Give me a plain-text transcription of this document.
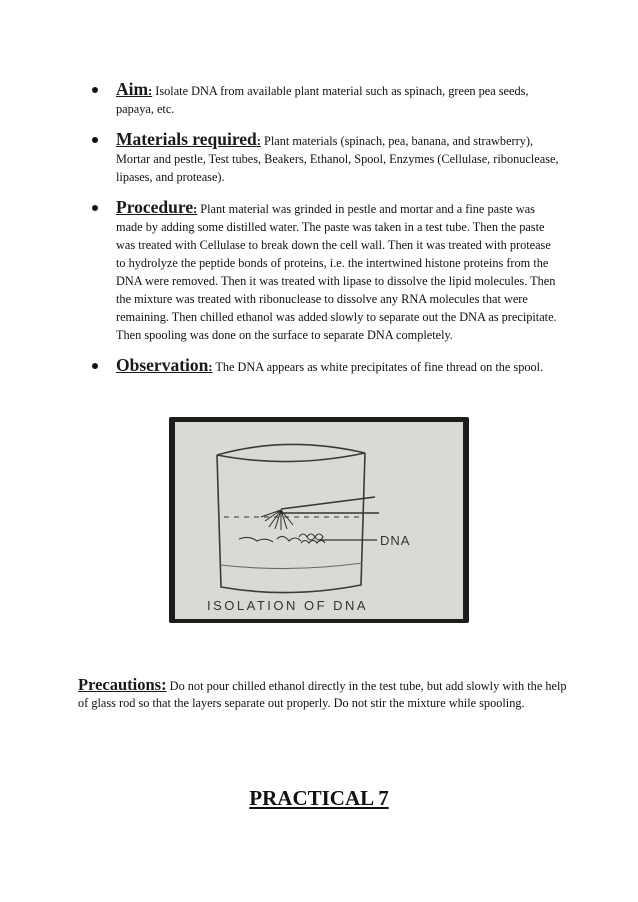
Aim: Isolate DNA from available plant material such as spinach, green pea seeds, papaya, etc.

Materials required: Plant materials (spinach, pea, banana, and strawberry), Mortar and pestle, Test tubes, Beakers, Ethanol, Spool, Enzymes (Cellulase, ribonuclease, lipases, and protease).

Procedure: Plant material was grinded in pestle and mortar and a fine paste was made by adding some distilled water. The paste was taken in a test tube. Then the paste was treated with Cellulase to break down the cell wall. Then it was treated with protease to hydrolyze the peptide bonds of proteins, i.e. the intertwined histone proteins from the DNA were removed. Then it was treated with lipase to dissolve the lipid molecules. Then the mixture was treated with ribonuclease to dissolve any RNA molecules that were remaining. Then chilled ethanol was added slowly to separate out the DNA as precipitate. Then spooling was done on the surface to separate DNA completely.

Observation: The DNA appears as white precipitates of fine thread on the spool.

DNA
ISOLATION OF DNA
Precautions: Do not pour chilled ethanol directly in the test tube, but add slowly with the help of glass rod so that the layers separate out properly. Do not stir the mixture while spooling.
PRACTICAL 7
